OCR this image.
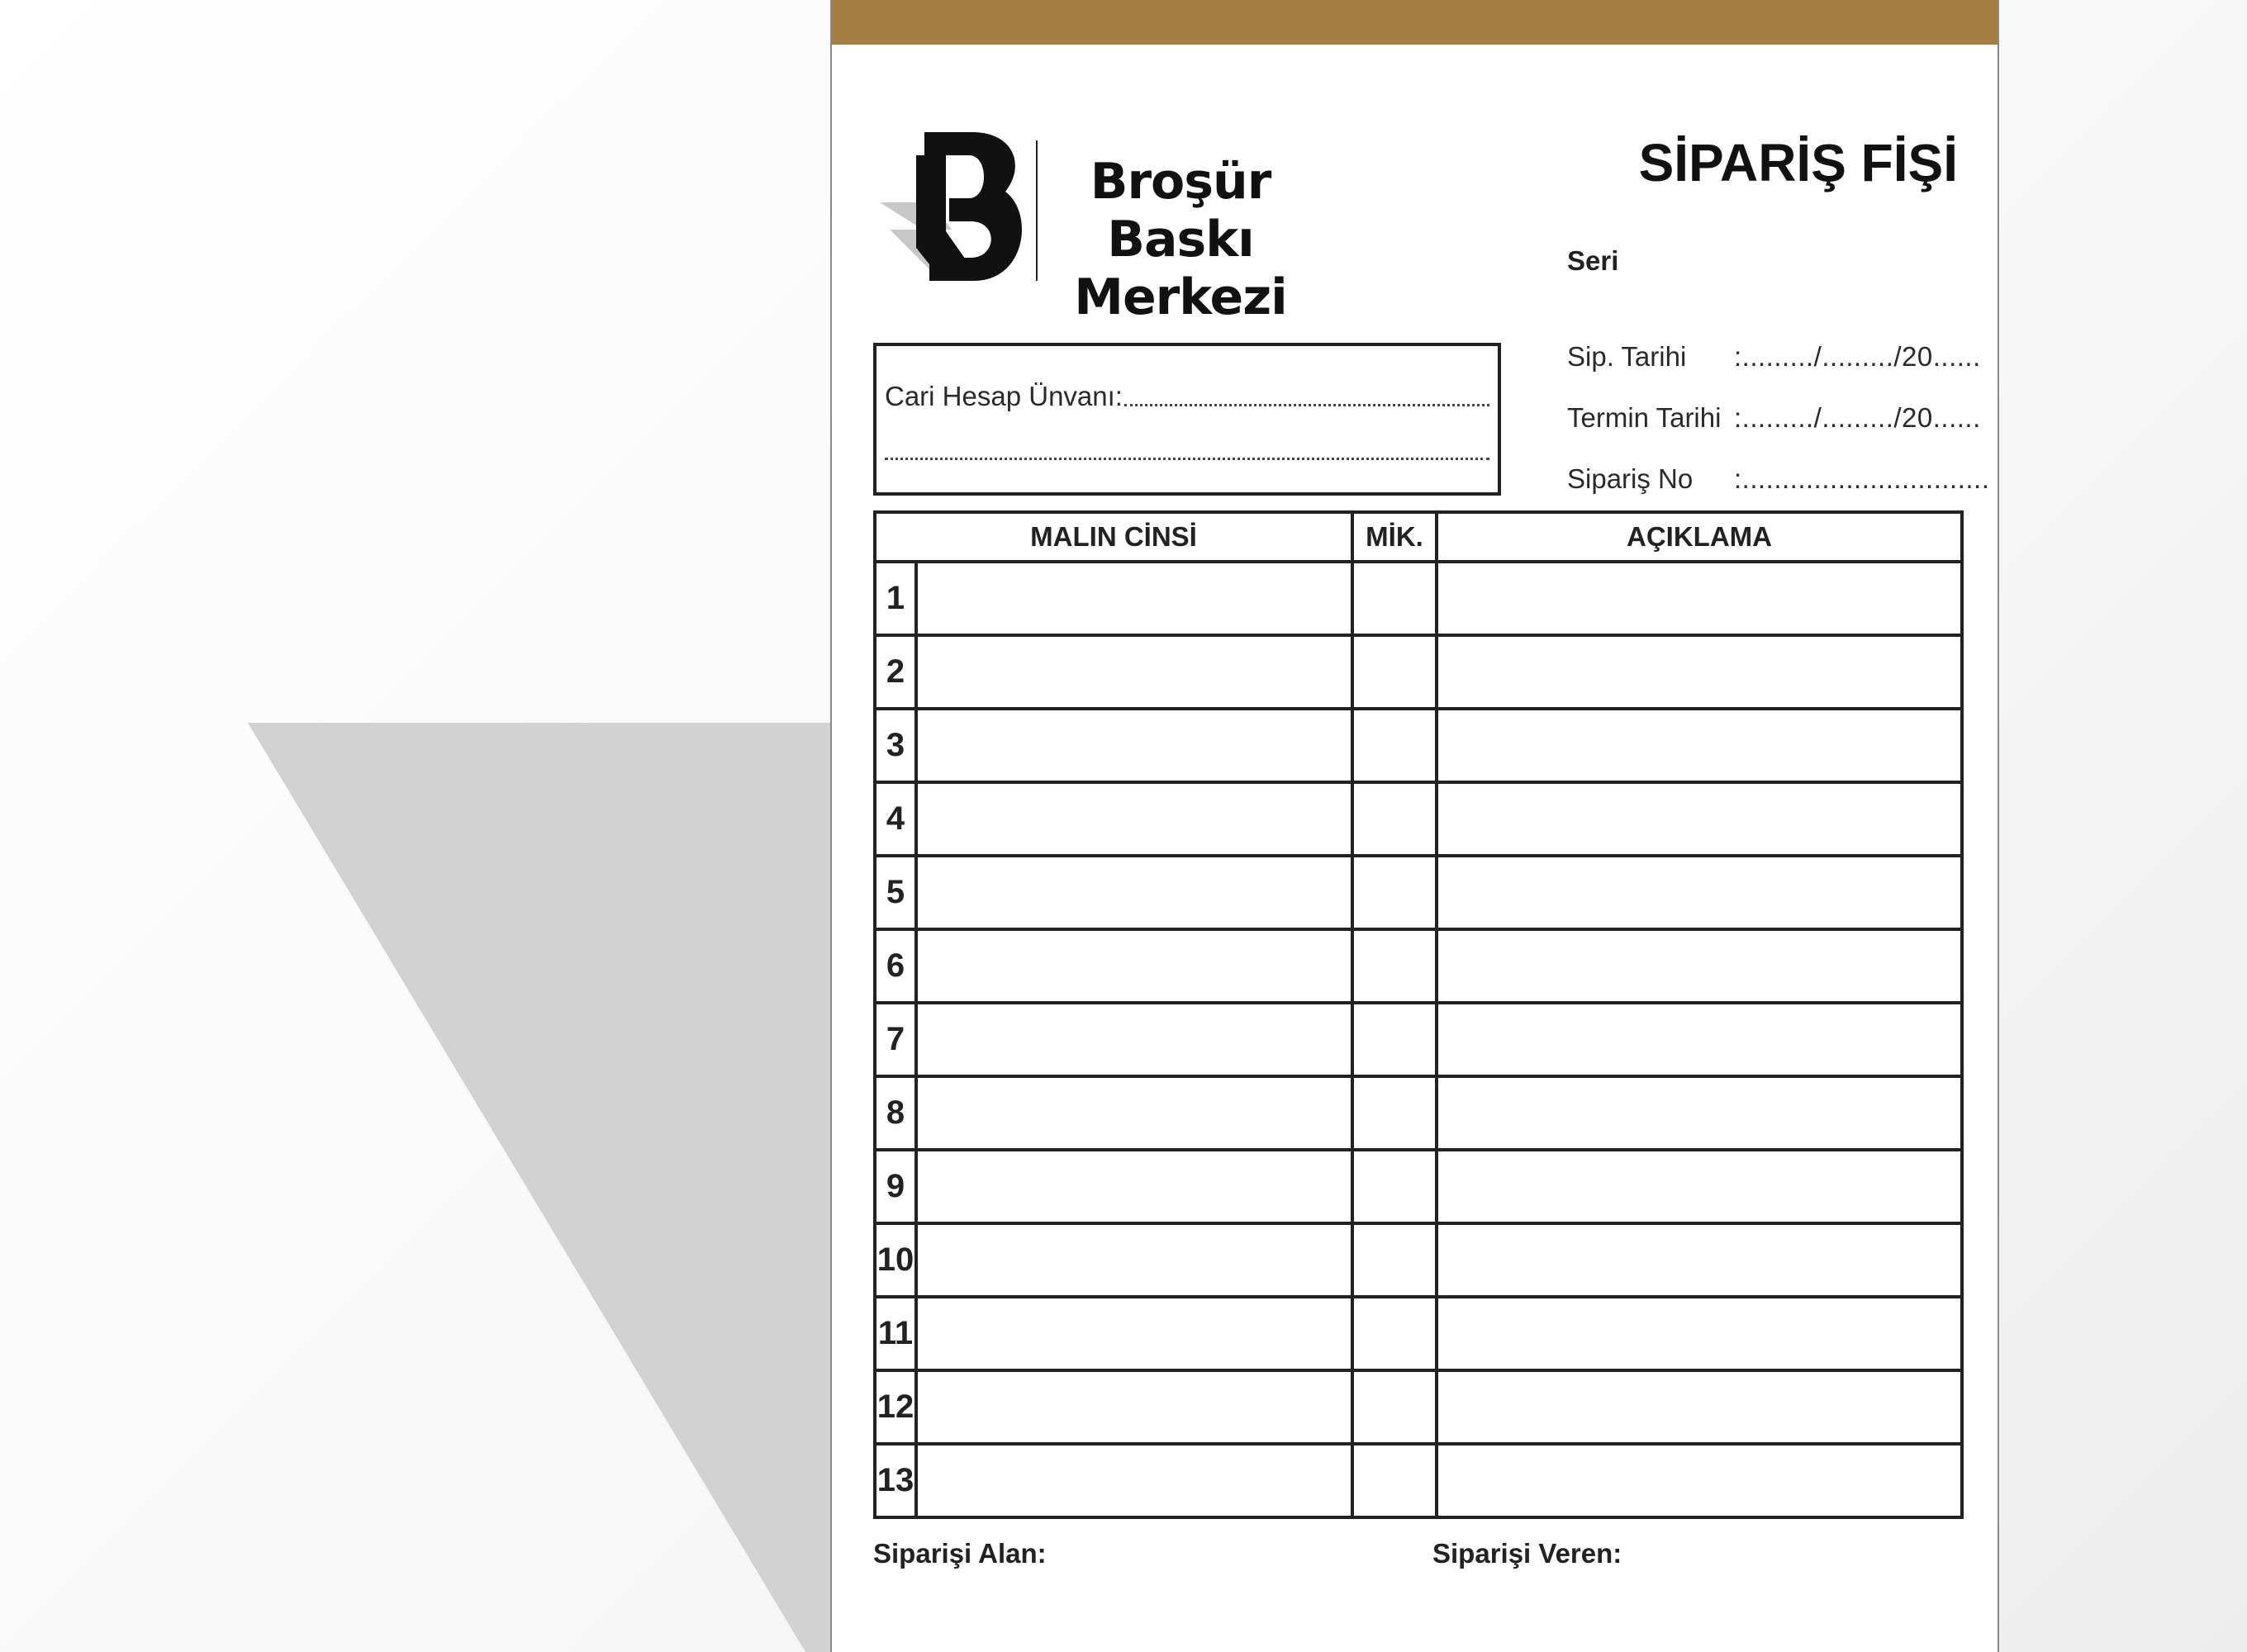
Broşür Baskı
Merkezi
SİPARİŞ FİŞİ
Seri
Sip. Tarihi :........./........./20......
Termin Tarihi :........./........./20......
Sipariş No :...............................
Cari Hesap Ünvanı:
MALIN CİNSİ		MİK.	AÇIKLAMA
1			
2			
3			
4			
5			
6			
7			
8			
9			
10			
11			
12			
13			
Siparişi Alan:	Siparişi Veren:
